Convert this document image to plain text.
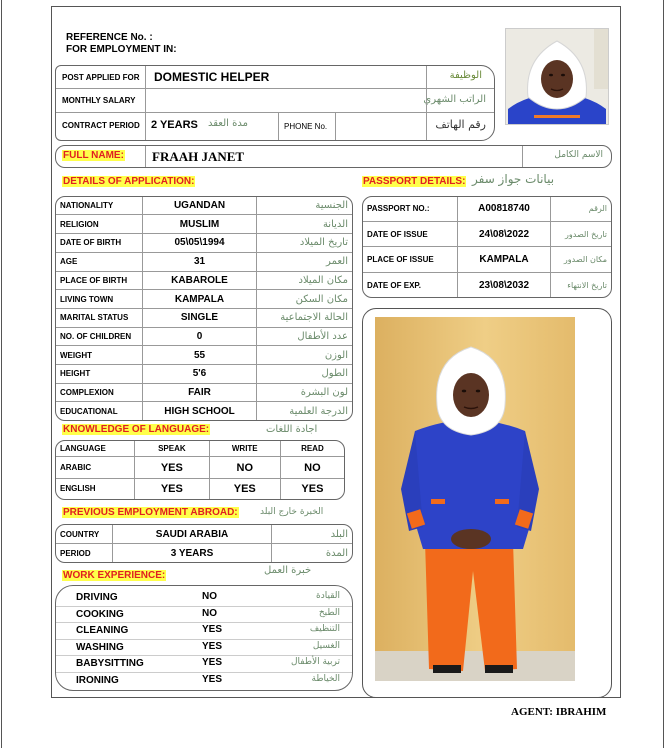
REFERENCE No. :
FOR EMPLOYMENT IN:
POST APPLIED FOR DOMESTIC HELPER	الوظيفة
MONTHLY SALARY	الراتب الشهري
CONTRACT PERIOD 2 YEARS مدة العقد	PHONE No.	رقم الهاتف
FULL NAME: FRAAH JANET	الاسم الكامل
DETAILS OF APPLICATION:	PASSPORT DETAILS: بيانات جواز سفر
NATIONALITY	UGANDAN	الجنسية
RELIGION	MUSLIM	الديانة
DATE OF BIRTH	05\05\1994	تاريخ الميلاد
AGE	31	العمر
PLACE OF BIRTH	KABAROLE	مكان الميلاد
LIVING TOWN	KAMPALA	مكان السكن
MARITAL STATUS	SINGLE	الحالة الاجتماعية
NO. OF CHILDREN	0	عدد الأطفال
WEIGHT	55	الوزن
HEIGHT	5'6	الطول
COMPLEXION	FAIR	لون البشرة
EDUCATIONAL	HIGH SCHOOL	الدرجة العلمية
PASSPORT NO.:	A00818740	الرقم
DATE OF ISSUE	24\08\2022	تاريخ الصدور
PLACE OF ISSUE	KAMPALA	مكان الصدور
DATE OF EXP.	23\08\2032	تاريخ الانتهاء
KNOWLEDGE OF LANGUAGE:	اجادة اللغات
LANGUAGE	SPEAK	WRITE	READ
ARABIC	YES	NO	NO
ENGLISH	YES	YES	YES
PREVIOUS EMPLOYMENT ABROAD: الخبرة خارج البلد
COUNTRY	SAUDI ARABIA	البلد
PERIOD	3 YEARS	المدة
WORK EXPERIENCE:	خبرة العمل
DRIVING	NO	القيادة
COOKING	NO	الطبخ
CLEANING	YES	التنظيف
WASHING	YES	الغسيل
BABYSITTING	YES	تربية الأطفال
IRONING	YES	الخياطة
AGENT: IBRAHIM
